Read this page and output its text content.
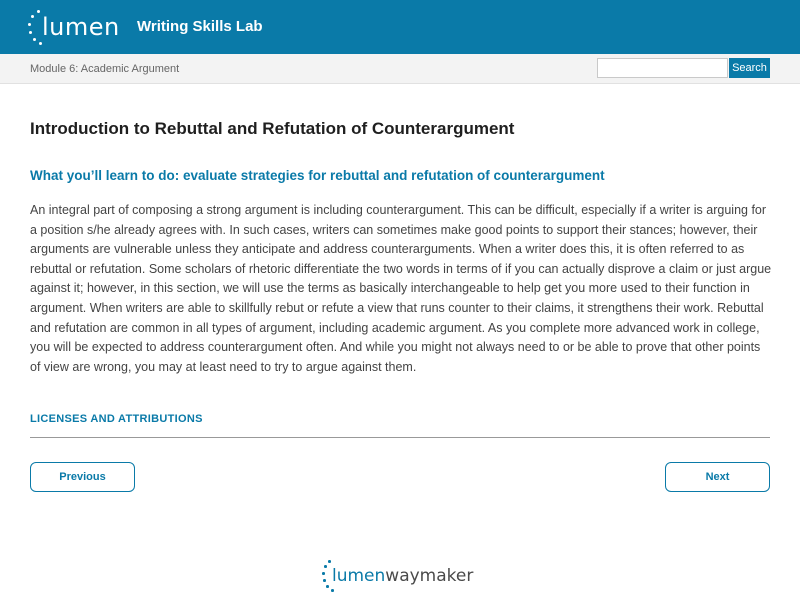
lumen Writing Skills Lab
Module 6: Academic Argument	Search
Introduction to Rebuttal and Refutation of Counterargument
What you’ll learn to do: evaluate strategies for rebuttal and refutation of counterargument

An integral part of composing a strong argument is including counterargument. This can be difficult, especially if a writer is arguing for a position s/he already agrees with. In such cases, writers can sometimes make good points to support their stances; however, their arguments are vulnerable unless they anticipate and address counterarguments. When a writer does this, it is often referred to as rebuttal or refutation. Some scholars of rhetoric differentiate the two words in terms of if you can actually disprove a claim or just argue against it; however, in this section, we will use the terms as basically interchangeable to help get you more used to their function in argument. When writers are able to skillfully rebut or refute a view that runs counter to their claims, it strengthens their work. Rebuttal and refutation are common in all types of argument, including academic argument. As you complete more advanced work in college, you will be expected to address counterargument often. And while you might not always need to or be able to prove that other points of view are wrong, you may at least need to try to argue against them.

LICENSES AND ATTRIBUTIONS
Previous	Next
lumenwaymaker
